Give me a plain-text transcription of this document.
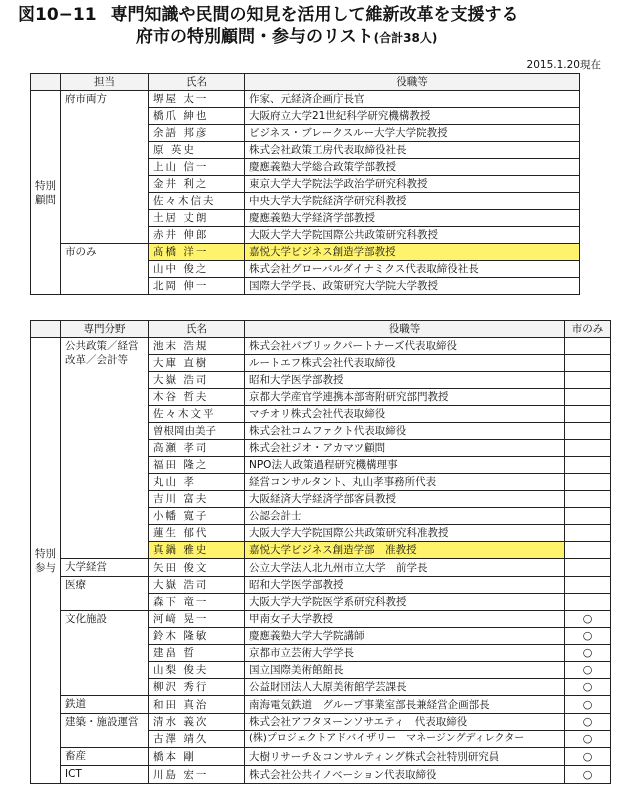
図10−11 専門知識や民間の知見を活用して維新改革を支援する
府市の特別顧問・参与のリスト(合計38人)
2015.1.20現在
	担当	氏名	役職等
特別顧問	府市両方	堺屋 太一	作家、元経済企画庁長官
		橋爪 紳也	大阪府立大学21世紀科学研究機構教授
		余語 邦彦	ビジネス・ブレークスルー大学大学院教授
		原 英史	株式会社政策工房代表取締役社長
		上山 信一	慶應義塾大学総合政策学部教授
		金井 利之	東京大学大学院法学政治学研究科教授
		佐々木信夫	中央大学大学院経済学研究科教授
		土居 丈朗	慶應義塾大学経済学部教授
		赤井 伸郎	大阪大学大学院国際公共政策研究科教授
	市のみ	髙橋 洋一	嘉悦大学ビジネス創造学部教授
		山中 俊之	株式会社グローバルダイナミクス代表取締役社長
		北岡 伸一	国際大学学長、政策研究大学院大学教授
	専門分野	氏名	役職等	市のみ
特別参与	公共政策／経営改革／会計等	池末 浩規	株式会社パブリックパートナーズ代表取締役	
		大庫 直樹	ルートエフ株式会社代表取締役	
		大嶽 浩司	昭和大学医学部教授	
		木谷 哲夫	京都大学産官学連携本部寄附研究部門教授	
		佐々木文平	マチオリ株式会社代表取締役	
		曽根岡由美子	株式会社コムファクト代表取締役	
		高瀬 孝司	株式会社ジオ・アカマツ顧問	
		福田 隆之	NPO法人政策過程研究機構理事	
		丸山 孝	経営コンサルタント、丸山孝事務所代表	
		吉川 富夫	大阪経済大学経済学部客員教授	
		小幡 寛子	公認会計士	
		蓮生 郁代	大阪大学大学院国際公共政策研究科准教授	
		真鍋 雅史	嘉悦大学ビジネス創造学部　准教授	
	大学経営	矢田 俊文	公立大学法人北九州市立大学　前学長	
	医療	大嶽 浩司	昭和大学医学部教授	
		森下 竜一	大阪大学大学院医学系研究科教授	
	文化施設	河﨑 晃一	甲南女子大学教授	○
		鈴木 隆敏	慶應義塾大学大学院講師	○
		建畠 晢	京都市立芸術大学学長	○
		山梨 俊夫	国立国際美術館館長	○
		柳沢 秀行	公益財団法人大原美術館学芸課長	○
	鉄道	和田 真治	南海電気鉄道　グループ事業室部長兼経営企画部長	○
	建築・施設運営	清水 義次	株式会社アフタヌーンソサエティ　代表取締役	○
		古澤 靖久	(株)プロジェクトアドバイザリー　マネージングディレクター	○
	畜産	橋本 剛	大樹リサーチ＆コンサルティング株式会社特別研究員	○
	ICT	川島 宏一	株式会社公共イノベーション代表取締役	○
